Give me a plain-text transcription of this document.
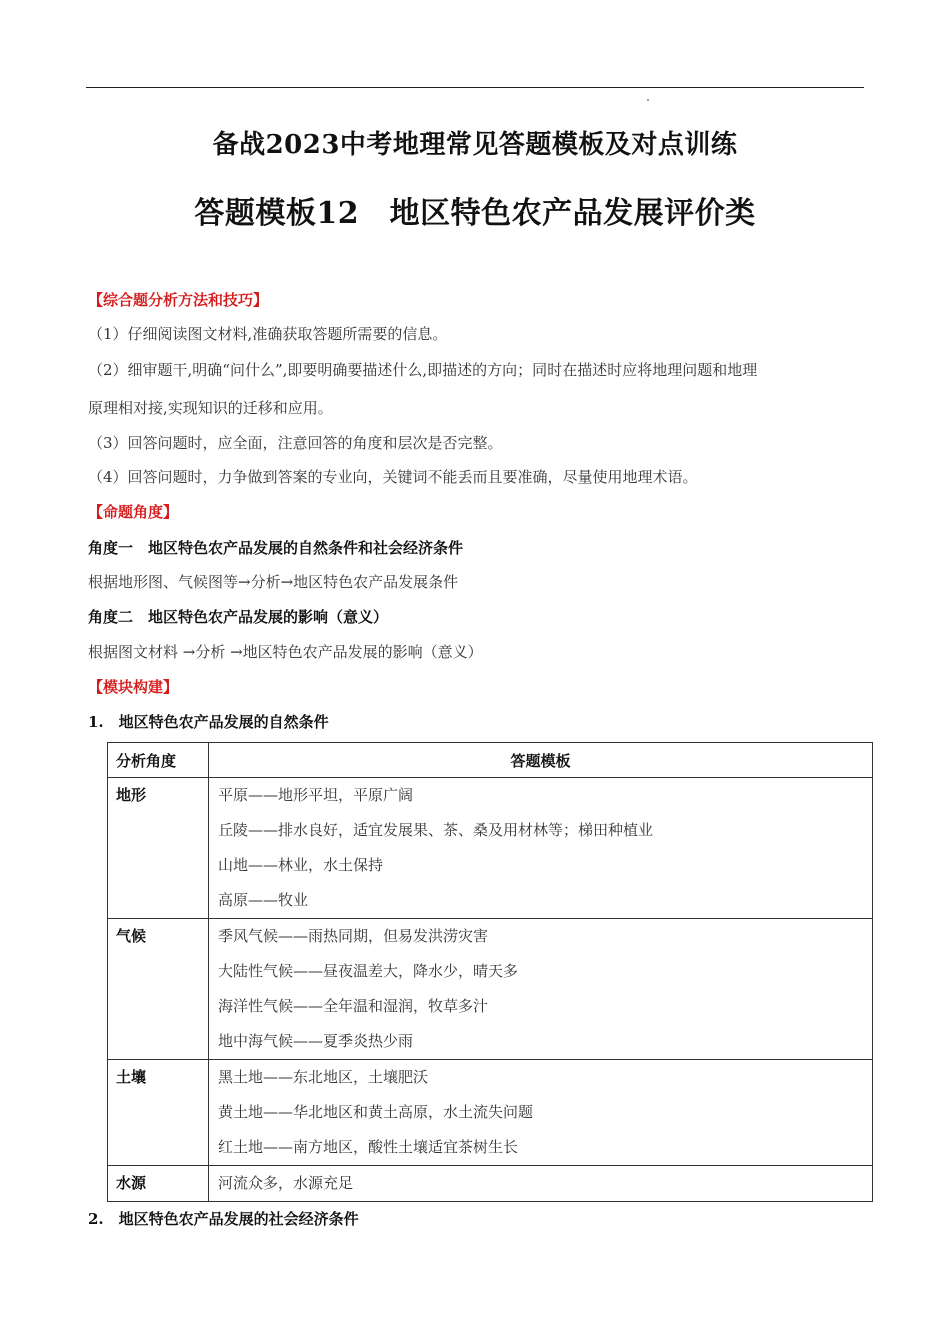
备战2023中考地理常见答题模板及对点训练
答题模板12　地区特色农产品发展评价类
【综合题分析方法和技巧】
（1）仔细阅读图文材料,准确获取答题所需要的信息。
（2）细审题干,明确“问什么”,即要明确要描述什么,即描述的方向；同时在描述时应将地理问题和地理
原理相对接,实现知识的迁移和应用。
（3）回答问题时，应全面，注意回答的角度和层次是否完整。
（4）回答问题时，力争做到答案的专业向，关键词不能丢而且要准确，尽量使用地理术语。
【命题角度】
角度一　地区特色农产品发展的自然条件和社会经济条件
根据地形图、气候图等→分析→地区特色农产品发展条件
角度二　地区特色农产品发展的影响（意义）
根据图文材料 →分析 →地区特色农产品发展的影响（意义）
【模块构建】
1.　地区特色农产品发展的自然条件
分析角度	答题模板
地形	平原——地形平坦，平原广阔
丘陵——排水良好，适宜发展果、茶、桑及用材林等；梯田种植业
山地——林业，水土保持
高原——牧业

气候	季风气候——雨热同期，但易发洪涝灾害
大陆性气候——昼夜温差大，降水少，晴天多
海洋性气候——全年温和湿润，牧草多汁
地中海气候——夏季炎热少雨

土壤	黑土地——东北地区，土壤肥沃
黄土地——华北地区和黄土高原，水土流失问题
红土地——南方地区，酸性土壤适宜茶树生长

水源	河流众多，水源充足
2.　地区特色农产品发展的社会经济条件
